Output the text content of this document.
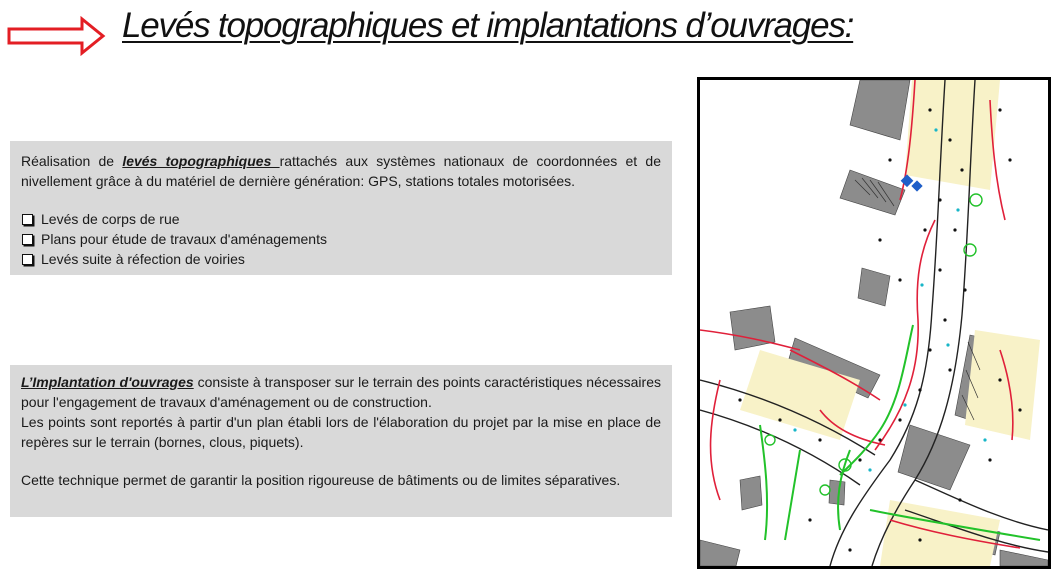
Levés topographiques et implantations d’ouvrages:

Réalisation de levés topographiques rattachés aux systèmes nationaux de coordonnées et de nivellement grâce à du matériel de dernière génération: GPS, stations totales motorisées.

Levés de corps de rue
Plans pour étude de travaux d'aménagements
Levés suite à réfection de voiries

L’Implantation d'ouvrages consiste à transposer sur le terrain des points caractéristiques nécessaires pour l'engagement de travaux d'aménagement ou de construction.

Les points sont reportés à partir d'un plan établi lors de l'élaboration du projet par la mise en place de repères sur le terrain (bornes, clous, piquets).

Cette technique permet de garantir la position rigoureuse de bâtiments ou de limites séparatives.
